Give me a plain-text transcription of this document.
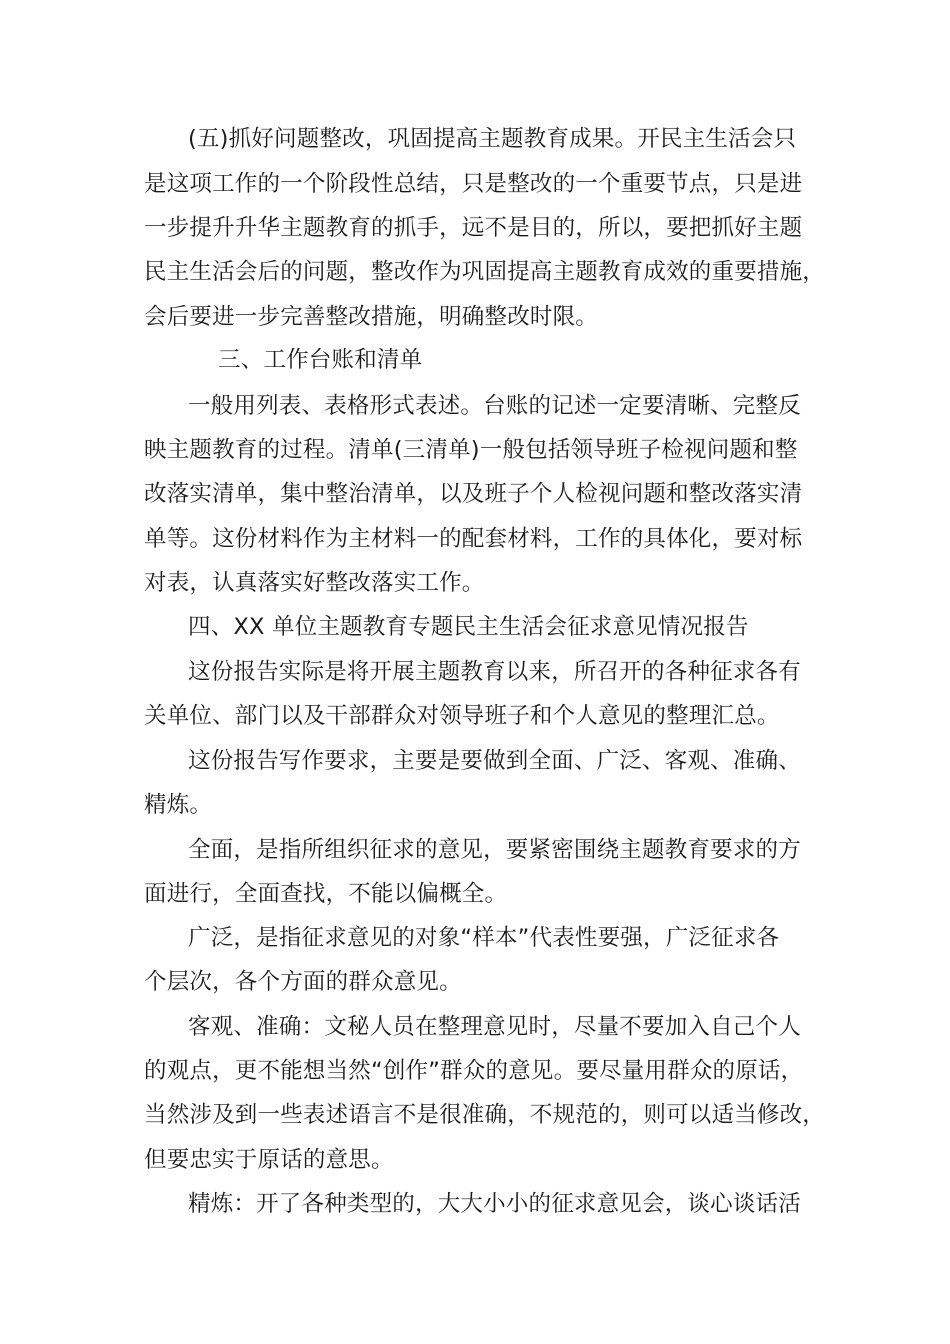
(五)抓好问题整改，巩固提高主题教育成果。开民主生活会只
是这项工作的一个阶段性总结，只是整改的一个重要节点，只是进
一步提升升华主题教育的抓手，远不是目的，所以，要把抓好主题
民主生活会后的问题，整改作为巩固提高主题教育成效的重要措施，
会后要进一步完善整改措施，明确整改时限。
三、工作台账和清单
一般用列表、表格形式表述。台账的记述一定要清晰、完整反
映主题教育的过程。清单(三清单)一般包括领导班子检视问题和整
改落实清单，集中整治清单，以及班子个人检视问题和整改落实清
单等。这份材料作为主材料一的配套材料，工作的具体化，要对标
对表，认真落实好整改落实工作。
四、XX 单位主题教育专题民主生活会征求意见情况报告
这份报告实际是将开展主题教育以来，所召开的各种征求各有
关单位、部门以及干部群众对领导班子和个人意见的整理汇总。
这份报告写作要求，主要是要做到全面、广泛、客观、准确、
精炼。
全面，是指所组织征求的意见，要紧密围绕主题教育要求的方
面进行，全面查找，不能以偏概全。
广泛，是指征求意见的对象“样本”代表性要强，广泛征求各
个层次，各个方面的群众意见。
客观、准确：文秘人员在整理意见时，尽量不要加入自己个人
的观点，更不能想当然“创作”群众的意见。要尽量用群众的原话，
当然涉及到一些表述语言不是很准确，不规范的，则可以适当修改，
但要忠实于原话的意思。
精炼：开了各种类型的，大大小小的征求意见会，谈心谈话活
